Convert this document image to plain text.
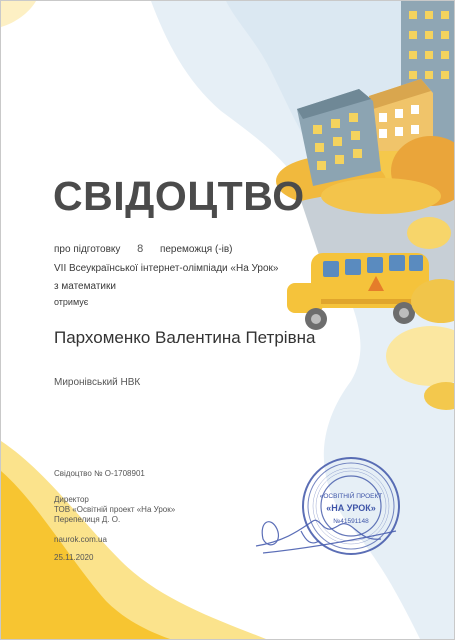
СВІДОЦТВО
про підготовку 8 переможця (-ів)
VII Всеукраїнської інтернет-олімпіади «На Урок»
з математики
отримує
Пархоменко Валентина Петрівна
Миронівський НВК
Свідоцтво № О-1708901
Директор
ТОВ «Освітній проект «На Урок»
Перепелиця Д. О.
naurok.com.ua
25.11.2020
«ОСВІТНІЙ ПРОЕКТ
«НА УРОК»
№41591148
